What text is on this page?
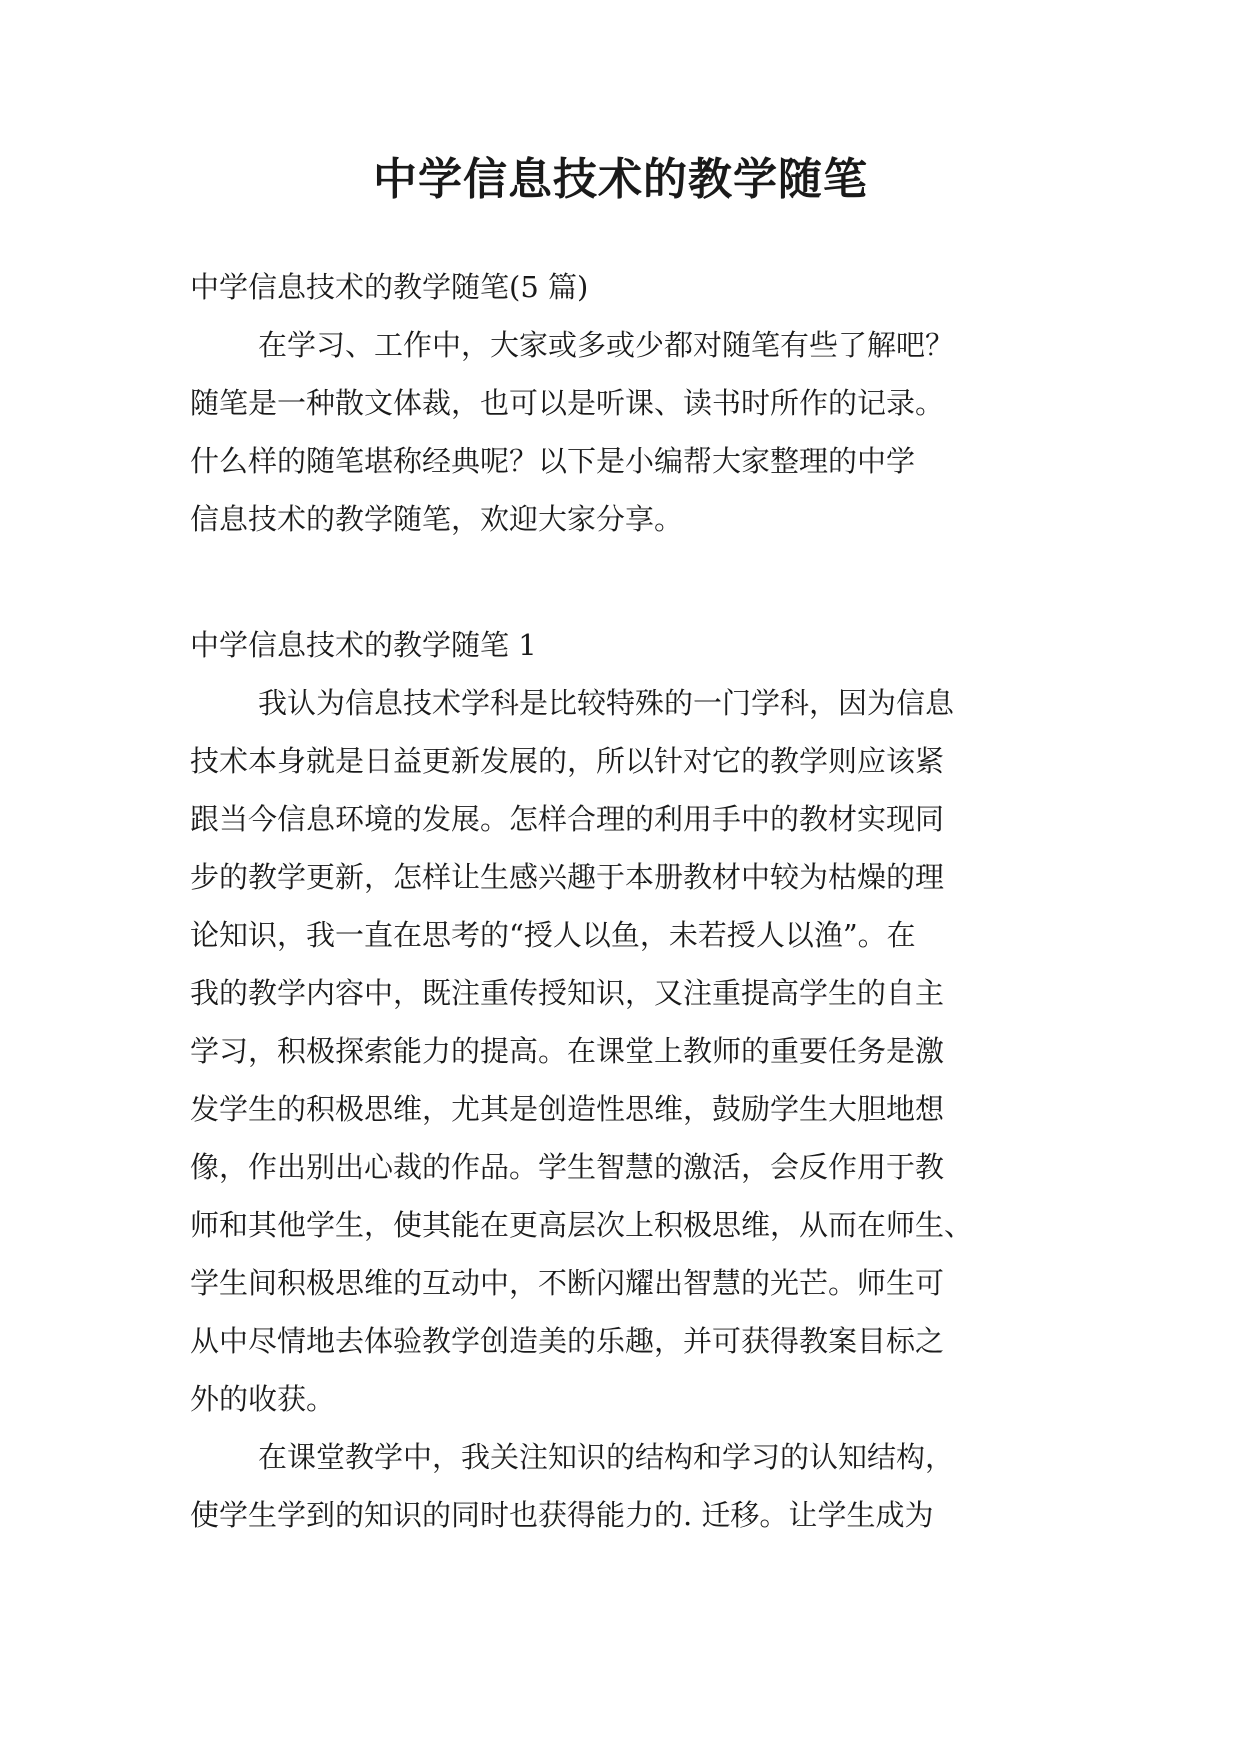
中学信息技术的教学随笔
中学信息技术的教学随笔(5 篇)
在学习、工作中，大家或多或少都对随笔有些了解吧？
随笔是一种散文体裁，也可以是听课、读书时所作的记录。
什么样的随笔堪称经典呢？以下是小编帮大家整理的中学
信息技术的教学随笔，欢迎大家分享。
中学信息技术的教学随笔 1
我认为信息技术学科是比较特殊的一门学科，因为信息
技术本身就是日益更新发展的，所以针对它的教学则应该紧
跟当今信息环境的发展。怎样合理的利用手中的教材实现同
步的教学更新，怎样让生感兴趣于本册教材中较为枯燥的理
论知识，我一直在思考的“授人以鱼，未若授人以渔”。在
我的教学内容中，既注重传授知识，又注重提高学生的自主
学习，积极探索能力的提高。在课堂上教师的重要任务是激
发学生的积极思维，尤其是创造性思维，鼓励学生大胆地想
像，作出别出心裁的作品。学生智慧的激活，会反作用于教
师和其他学生，使其能在更高层次上积极思维，从而在师生、
学生间积极思维的互动中，不断闪耀出智慧的光芒。师生可
从中尽情地去体验教学创造美的乐趣，并可获得教案目标之
外的收获。
在课堂教学中，我关注知识的结构和学习的认知结构，
使学生学到的知识的同时也获得能力的. 迁移。让学生成为
